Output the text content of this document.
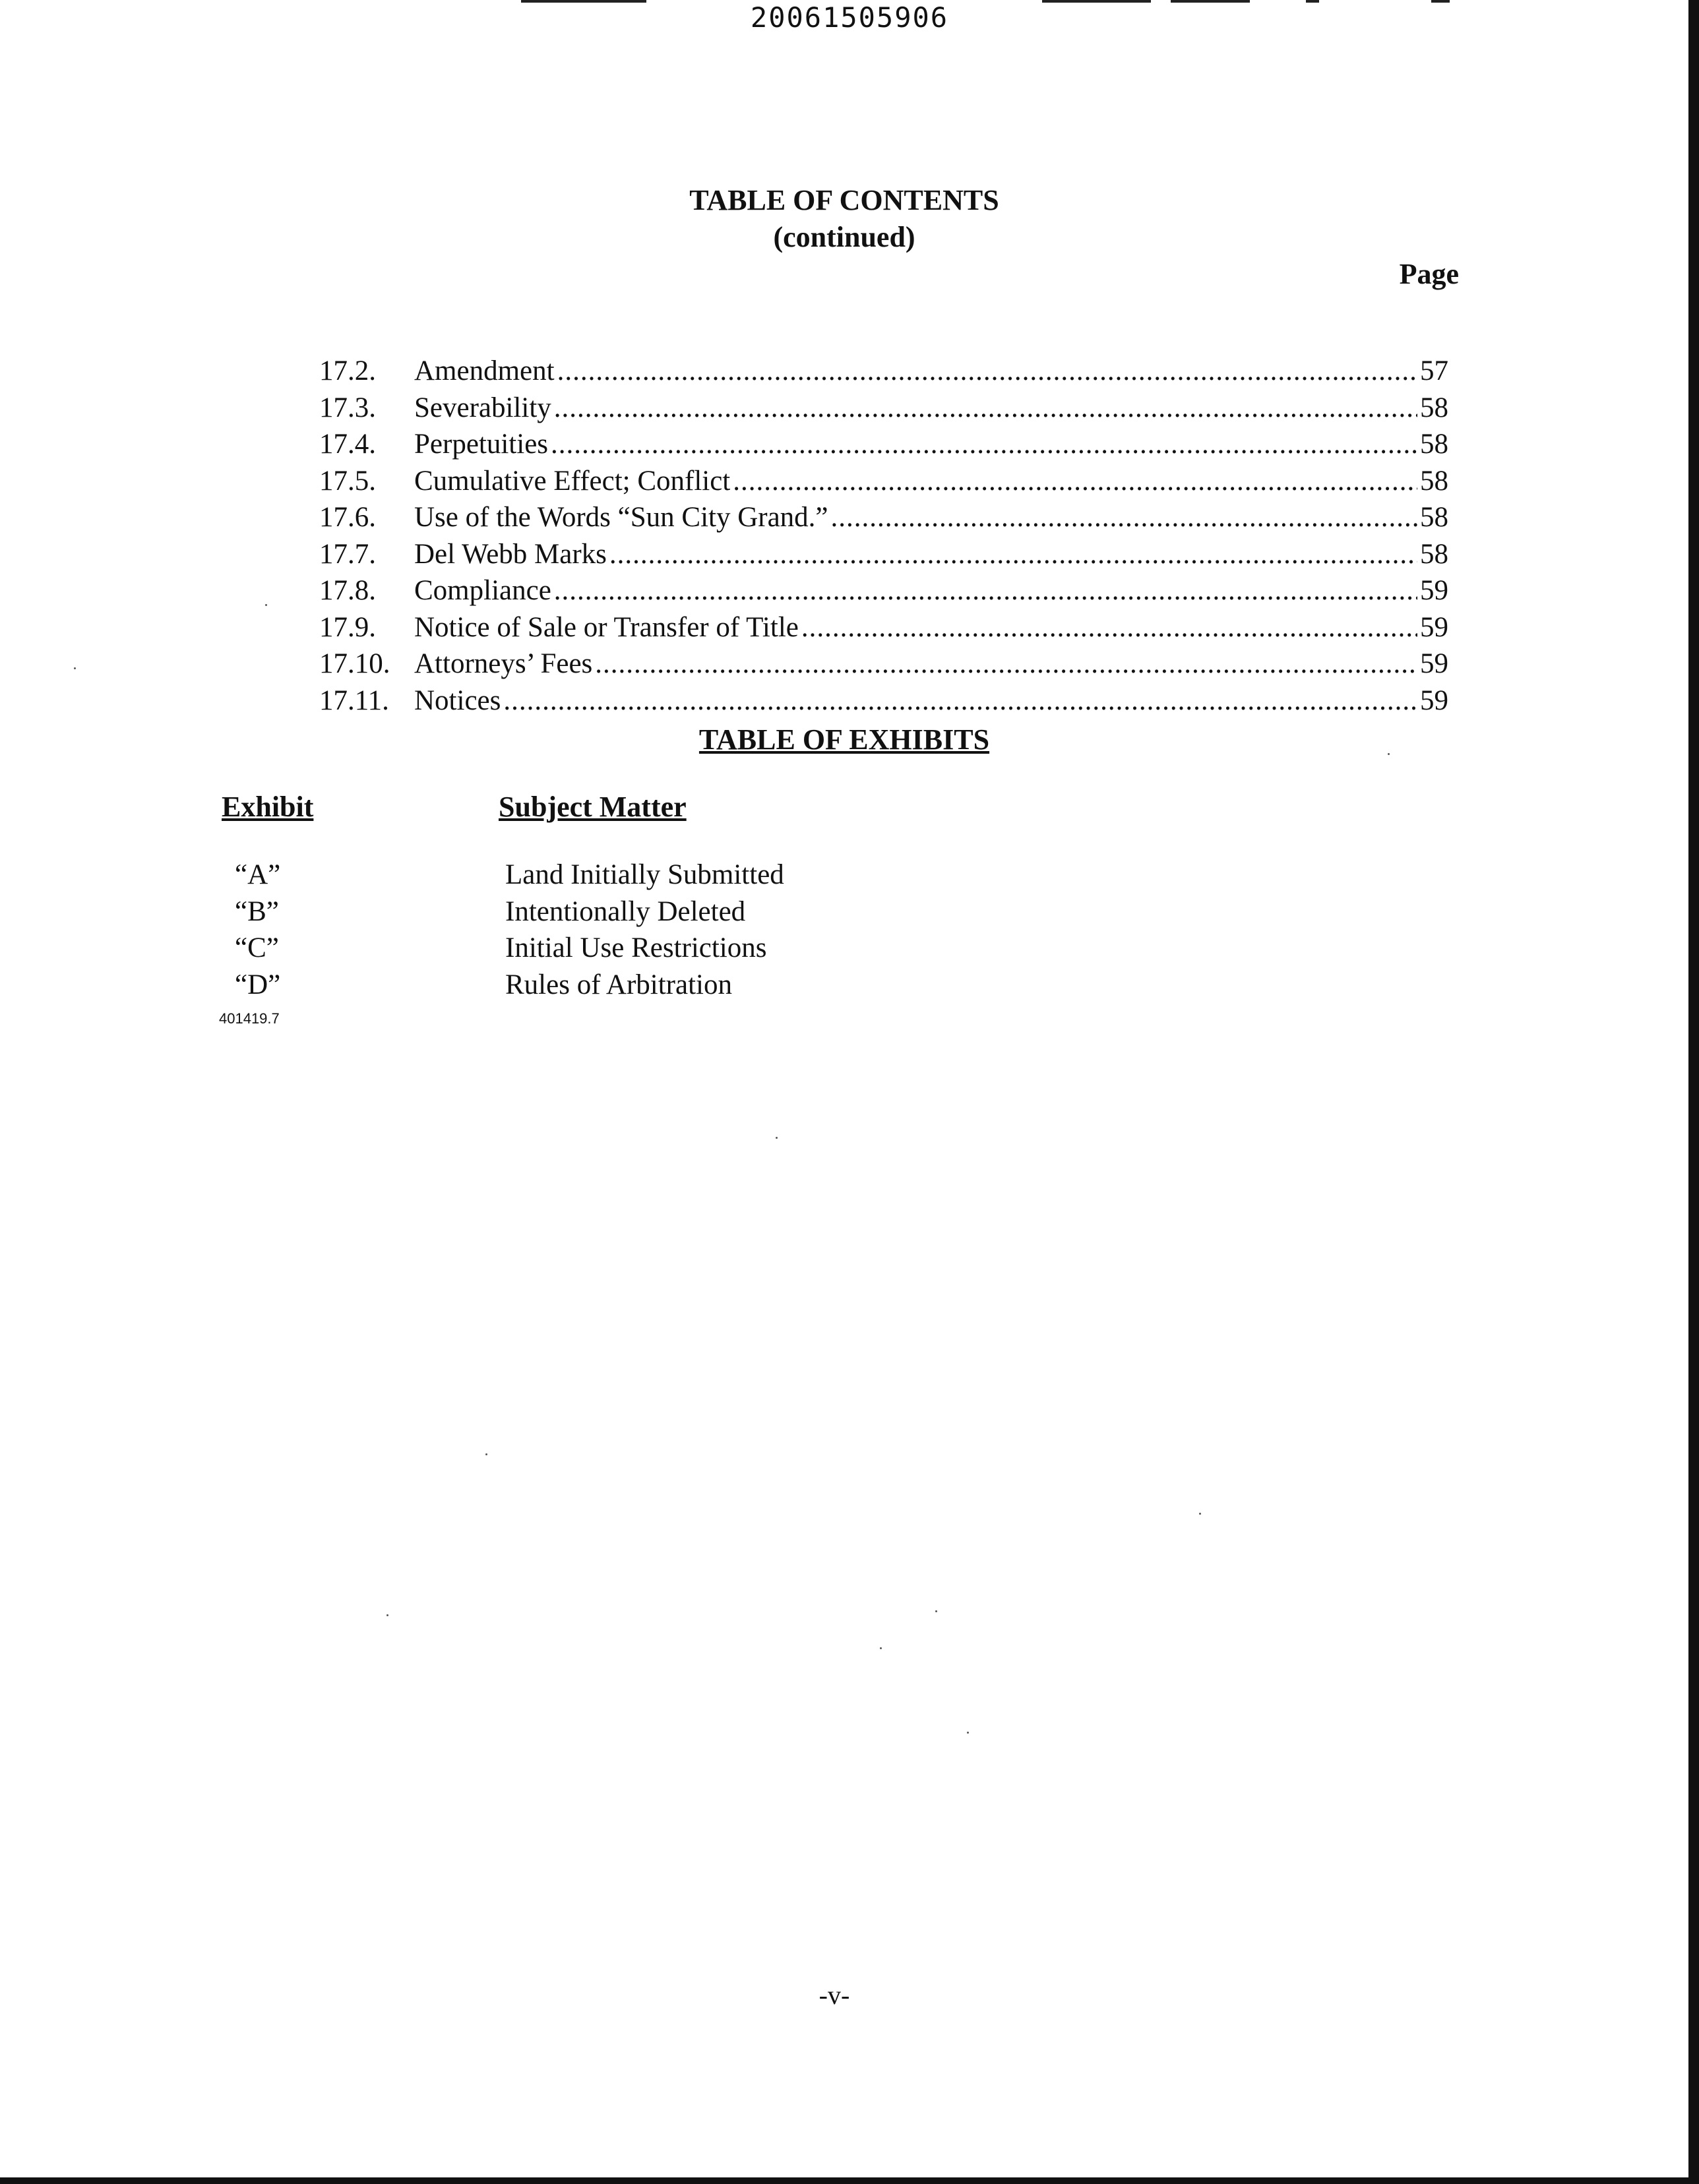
20061505906
TABLE OF CONTENTS
(continued)
Page
17.2.	Amendment .....	57
17.3.	Severability .....	58
17.4.	Perpetuities .....	58
17.5.	Cumulative Effect; Conflict .....	58
17.6.	Use of the Words “Sun City Grand.” .....	58
17.7.	Del Webb Marks .....	58
17.8.	Compliance .....	59
17.9.	Notice of Sale or Transfer of Title .....	59
17.10. Attorneys’ Fees .....	59
17.11. Notices .....	59
TABLE OF EXHIBITS
Exhibit	Subject Matter
“A”	Land Initially Submitted
“B”	Intentionally Deleted
“C”	Initial Use Restrictions
“D”	Rules of Arbitration
401419.7
-v-
